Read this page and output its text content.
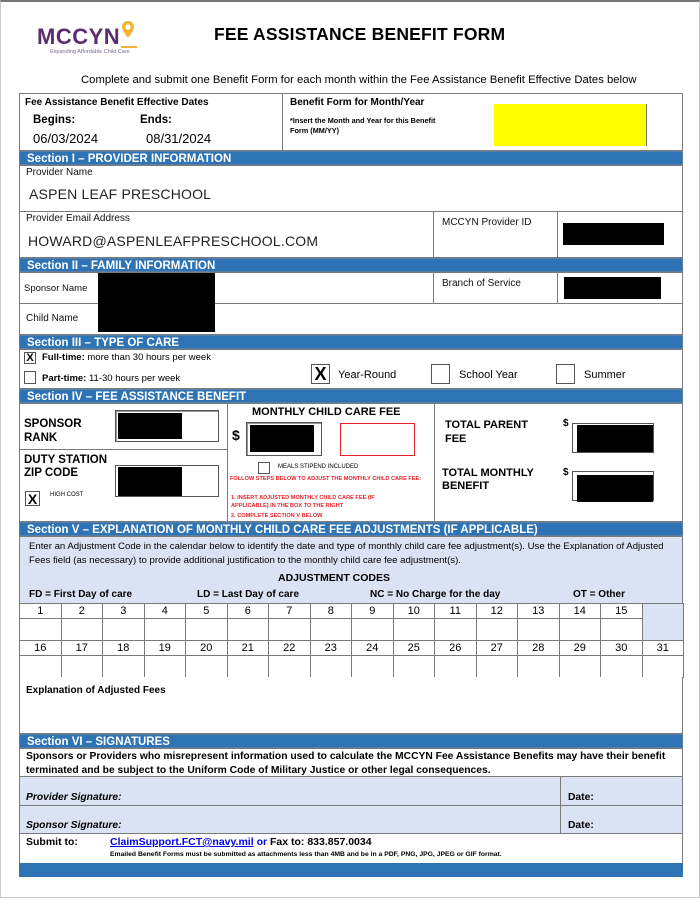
MCCYN
Expanding Affordable Child Care
FEE ASSISTANCE BENEFIT FORM
Complete and submit one Benefit Form for each month within the Fee Assistance Benefit Effective Dates below
Fee Assistance Benefit Effective Dates
Begins:	Ends:
06/03/2024	08/31/2024
Benefit Form for Month/Year
*Insert the Month and Year for this Benefit Form (MM/YY)
Section I – PROVIDER INFORMATION
Provider Name
ASPEN LEAF PRESCHOOL
Provider Email Address
HOWARD@ASPENLEAFPRESCHOOL.COM
MCCYN Provider ID
Section II – FAMILY INFORMATION
Sponsor Name	Branch of Service
Child Name
Section III – TYPE OF CARE
X Full-time: more than 30 hours per week
Part-time: 11-30 hours per week	X	Year-Round	School Year	Summer
Section IV – FEE ASSISTANCE BENEFIT
SPONSOR RANK
DUTY STATION ZIP CODE
X	HIGH COST
MONTHLY CHILD CARE FEE
$
MEALS STIPEND INCLUDED
FOLLOW STEPS BELOW TO ADJUST THE MONTHLY CHILD CARE FEE:
1. INSERT ADJUSTED MONTHLY CHILD CARE FEE (IF APPLICABLE) IN THE BOX TO THE RIGHT
2. COMPLETE SECTION V BELOW
TOTAL PARENT FEE
$
TOTAL MONTHLY BENEFIT
$
Section V – EXPLANATION OF MONTHLY CHILD CARE FEE ADJUSTMENTS (IF APPLICABLE)
Enter an Adjustment Code in the calendar below to identify the date and type of monthly child care fee adjustment(s). Use the Explanation of Adjusted Fees field (as necessary) to provide additional justification to the monthly child care fee adjustment(s).
ADJUSTMENT CODES
FD = First Day of care	LD = Last Day of care	NC = No Charge for the day	OT = Other
1	2	3	4	5	6	7	8	9	10	11	12	13	14	15	

16	17	18	19	20	21	22	23	24	25	26	27	28	29	30	31

Explanation of Adjusted Fees
Section VI – SIGNATURES
Sponsors or Providers who misrepresent information used to calculate the MCCYN Fee Assistance Benefits may have their benefit terminated and be subject to the Uniform Code of Military Justice or other legal consequences.
Provider Signature:	Date:
Sponsor Signature:	Date:
Submit to:	ClaimSupport.FCT@navy.mil or Fax to: 833.857.0034
Emailed Benefit Forms must be submitted as attachments less than 4MB and be in a PDF, PNG, JPG, JPEG or GIF format.
